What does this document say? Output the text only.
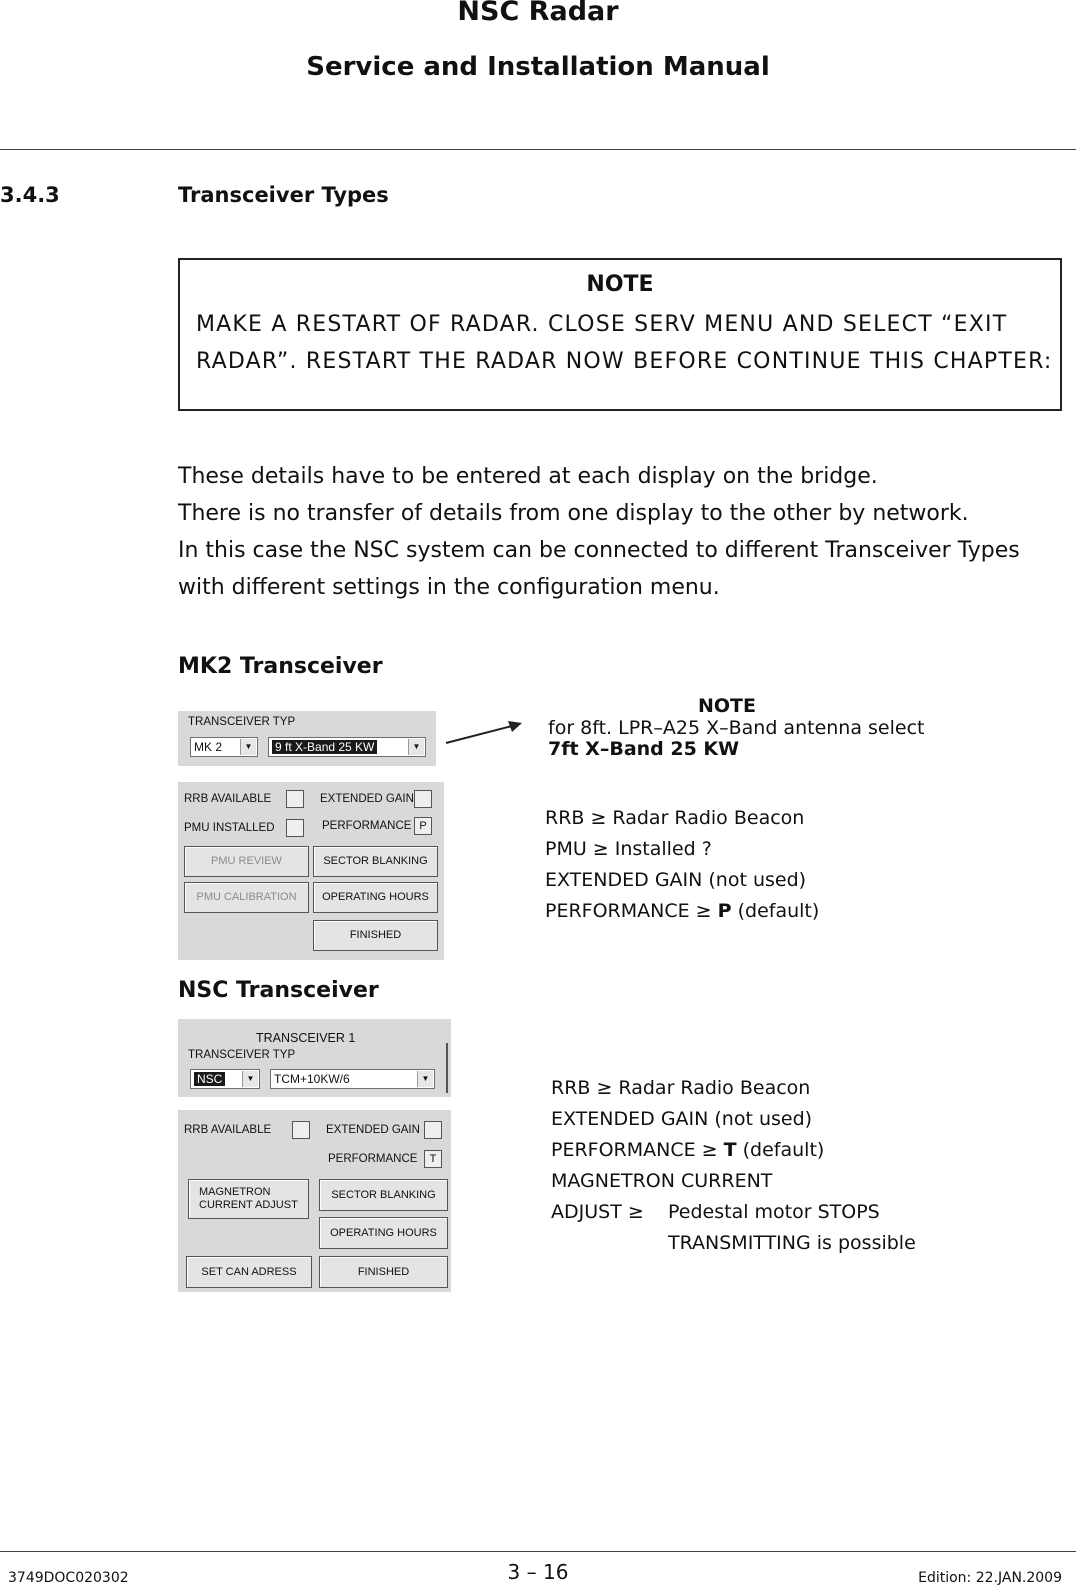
NSC Radar
Service and Installation Manual
3.4.3	Transceiver Types
NOTE
MAKE A RESTART OF RADAR. CLOSE SERV MENU AND SELECT “EXIT RADAR”. RESTART THE RADAR NOW BEFORE CONTINUE THIS CHAPTER:
These details have to be entered at each display on the bridge.
There is no transfer of details from one display to the other by network.
In this case the NSC system can be connected to different Transceiver Types
with different settings in the configuration menu.
MK2 Transceiver
TRANSCEIVER TYP
MK 2	▼	9 ft X-Band 25 KW	▼
NOTE
for 8ft. LPR–A25 X–Band antenna select
7ft X–Band 25 KW
RRB AVAILABLE	EXTENDED GAIN
PMU INSTALLED	PERFORMANCE P
PMU REVIEW	SECTOR BLANKING
PMU CALIBRATION	OPERATING HOURS
FINISHED
RRB ≥ Radar Radio Beacon
PMU ≥ Installed ?
EXTENDED GAIN (not used)
PERFORMANCE ≥ P (default)
NSC Transceiver
TRANSCEIVER 1
TRANSCEIVER TYP
NSC	▼	TCM+10KW/6	▼
RRB AVAILABLE	EXTENDED GAIN
PERFORMANCE	T
MAGNETRON
CURRENT ADJUST
SECTOR BLANKING
OPERATING HOURS
SET CAN ADRESS	FINISHED
RRB ≥ Radar Radio Beacon
EXTENDED GAIN (not used)
PERFORMANCE ≥ T (default)
MAGNETRON CURRENT
ADJUST ≥ Pedestal motor STOPS
TRANSMITTING is possible
3749DOC020302	3 – 16	Edition: 22.JAN.2009
